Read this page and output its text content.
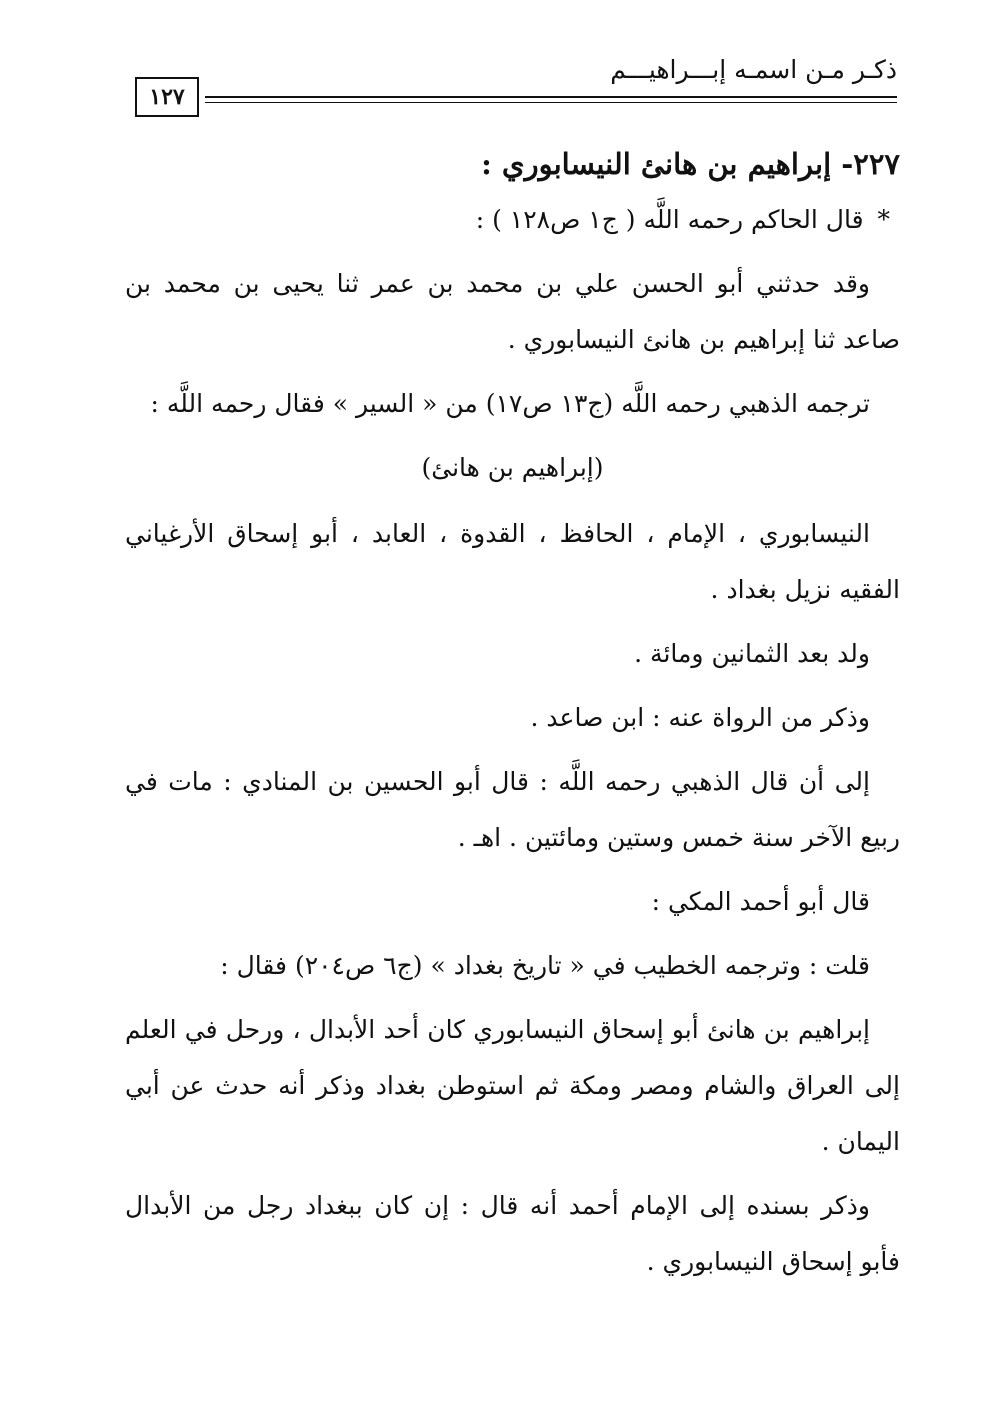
ذكـر مـن اسمـه إبـــراهيـــم
١٢٧
٢٢٧- إبراهيم بن هانئ النيسابوري :

* قال الحاكم رحمه اللَّه ( ج١ ص١٢٨ ) :

وقد حدثني أبو الحسن علي بن محمد بن عمر ثنا يحيى بن محمد بن صاعد ثنا إبراهيم بن هانئ النيسابوري .

ترجمه الذهبي رحمه اللَّه (ج١٣ ص١٧) من « السير » فقال رحمه اللَّه :

(إبراهيم بن هانئ)

النيسابوري ، الإمام ، الحافظ ، القدوة ، العابد ، أبو إسحاق الأرغياني الفقيه نزيل بغداد .

ولد بعد الثمانين ومائة .

وذكر من الرواة عنه : ابن صاعد .

إلى أن قال الذهبي رحمه اللَّه : قال أبو الحسين بن المنادي : مات في ربيع الآخر سنة خمس وستين ومائتين . اهـ .

قال أبو أحمد المكي :

قلت : وترجمه الخطيب في « تاريخ بغداد » (ج٦ ص٢٠٤) فقال :

إبراهيم بن هانئ أبو إسحاق النيسابوري كان أحد الأبدال ، ورحل في العلم إلى العراق والشام ومصر ومكة ثم استوطن بغداد وذكر أنه حدث عن أبي اليمان .

وذكر بسنده إلى الإمام أحمد أنه قال : إن كان ببغداد رجل من الأبدال فأبو إسحاق النيسابوري .
